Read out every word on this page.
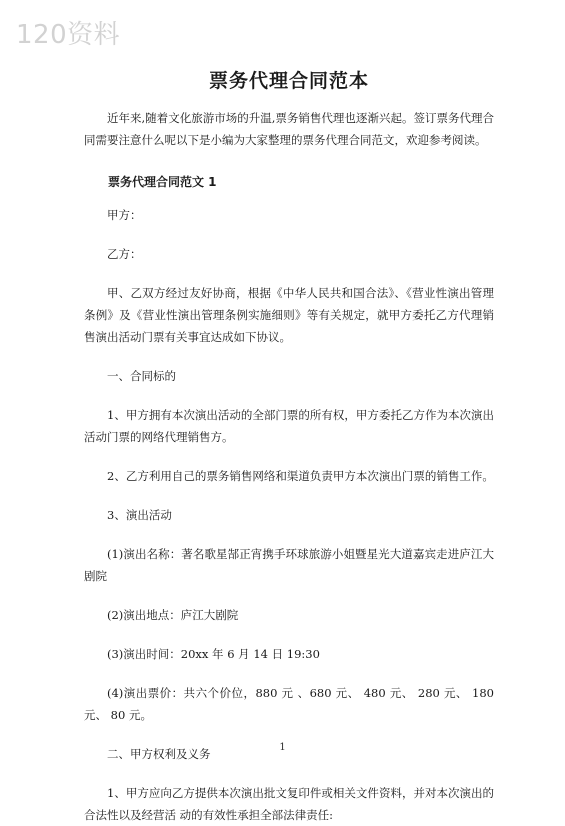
120资料
票务代理合同范本

近年来,随着文化旅游市场的升温,票务销售代理也逐渐兴起。签订票务代理合同需要注意什么呢以下是小编为大家整理的票务代理合同范文，欢迎参考阅读。

票务代理合同范文 1

甲方：

乙方：

甲、乙双方经过友好协商，根据《中华人民共和国合法》、《营业性演出管理条例》及《营业性演出管理条例实施细则》等有关规定，就甲方委托乙方代理销售演出活动门票有关事宜达成如下协议。

一、合同标的

1、甲方拥有本次演出活动的全部门票的所有权，甲方委托乙方作为本次演出活动门票的网络代理销售方。

2、乙方利用自己的票务销售网络和渠道负责甲方本次演出门票的销售工作。

3、演出活动

(1)演出名称：著名歌星郜正宵携手环球旅游小姐暨星光大道嘉宾走进庐江大剧院

(2)演出地点：庐江大剧院

(3)演出时间：20xx 年 6 月 14 日 19:30

(4)演出票价：共六个价位，880 元 、680 元、 480 元、 280 元、 180 元、 80 元。

二、甲方权利及义务

1、甲方应向乙方提供本次演出批文复印件或相关文件资料，并对本次演出的合法性以及经营活 动的有效性承担全部法律责任:

1
